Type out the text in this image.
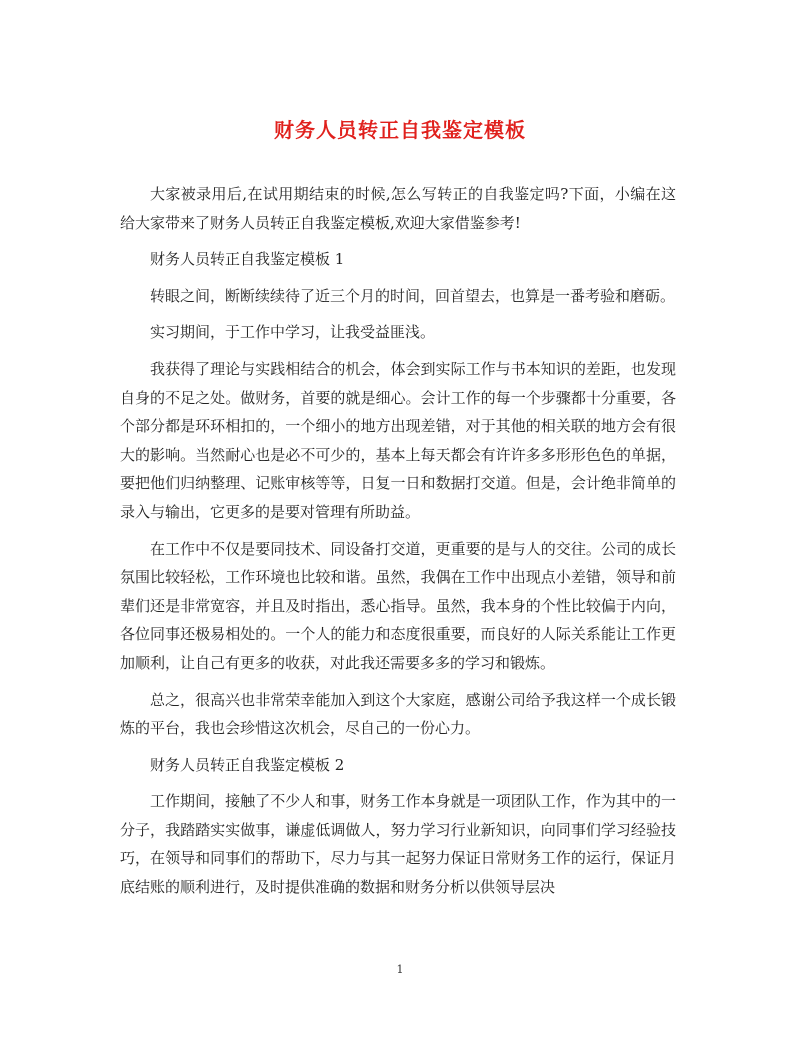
财务人员转正自我鉴定模板

大家被录用后,在试用期结束的时候,怎么写转正的自我鉴定吗?下面，小编在这给大家带来了财务人员转正自我鉴定模板,欢迎大家借鉴参考!

财务人员转正自我鉴定模板 1

转眼之间，断断续续待了近三个月的时间，回首望去，也算是一番考验和磨砺。

实习期间，于工作中学习，让我受益匪浅。

我获得了理论与实践相结合的机会，体会到实际工作与书本知识的差距，也发现自身的不足之处。做财务，首要的就是细心。会计工作的每一个步骤都十分重要，各个部分都是环环相扣的，一个细小的地方出现差错，对于其他的相关联的地方会有很大的影响。当然耐心也是必不可少的，基本上每天都会有许许多多形形色色的单据，要把他们归纳整理、记账审核等等，日复一日和数据打交道。但是，会计绝非简单的录入与输出，它更多的是要对管理有所助益。

在工作中不仅是要同技术、同设备打交道，更重要的是与人的交往。公司的成长氛围比较轻松，工作环境也比较和谐。虽然，我偶在工作中出现点小差错，领导和前辈们还是非常宽容，并且及时指出，悉心指导。虽然，我本身的个性比较偏于内向，各位同事还极易相处的。一个人的能力和态度很重要，而良好的人际关系能让工作更加顺利，让自己有更多的收获，对此我还需要多多的学习和锻炼。

总之，很高兴也非常荣幸能加入到这个大家庭，感谢公司给予我这样一个成长锻炼的平台，我也会珍惜这次机会，尽自己的一份心力。

财务人员转正自我鉴定模板 2

工作期间，接触了不少人和事，财务工作本身就是一项团队工作，作为其中的一分子，我踏踏实实做事，谦虚低调做人，努力学习行业新知识，向同事们学习经验技巧，在领导和同事们的帮助下，尽力与其一起努力保证日常财务工作的运行，保证月底结账的顺利进行，及时提供准确的数据和财务分析以供领导层决

1
